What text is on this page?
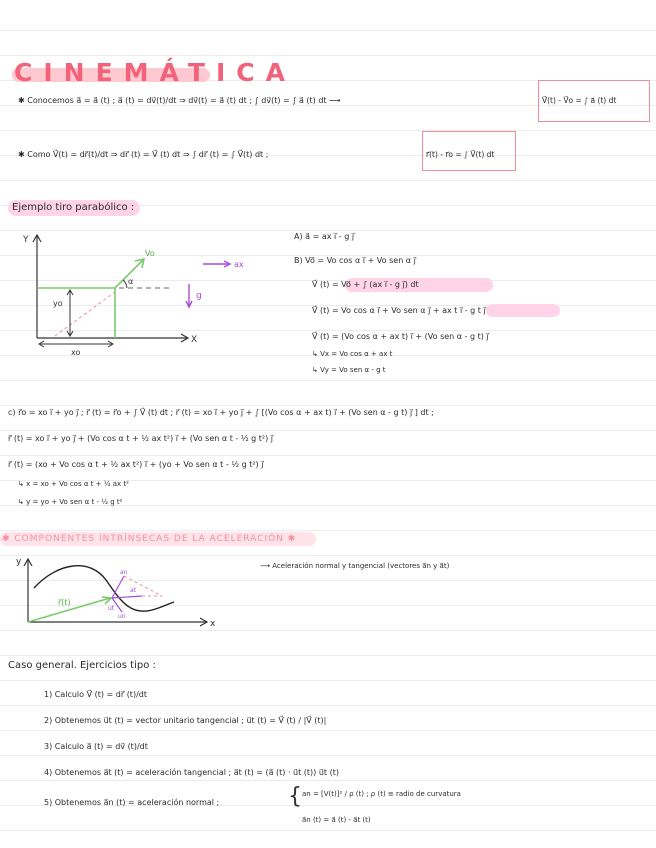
CINEMÁTICA
✱ Conocemos a⃗ = a⃗ (t) ; a⃗ (t) = dv⃗(t)/dt ⇒ dv⃗(t) = a⃗ (t) dt ; ∫ dv⃗(t) = ∫ a⃗ (t) dt ⟶	V⃗(t) - V⃗o = ∫ a⃗ (t) dt
✱ Como V⃗(t) = dr⃗(t)/dt ⇒ dr⃗ (t) = V⃗ (t) dt ⇒ ∫ dr⃗ (t) = ∫ V⃗(t) dt ;	r⃗(t) - r⃗o = ∫ V⃗(t) dt
Ejemplo tiro parabólico :
Y
X
Vo
α
yo
xo
ax
g
A) a⃗ = ax i⃗ - g j⃗
B) Vo⃗ = Vo cos α i⃗ + Vo sen α j⃗
V⃗ (t) = Vo⃗ + ∫ (ax i⃗ - g j⃗) dt
V⃗ (t) = Vo cos α i⃗ + Vo sen α j⃗ + ax t i⃗ - g t j⃗
V⃗ (t) = (Vo cos α + ax t) i⃗ + (Vo sen α - g t) j⃗
↳ Vx = Vo cos α + ax t
↳ Vy = Vo sen α - g t
c) r⃗o = xo i⃗ + yo j⃗ ; r⃗ (t) = r⃗o + ∫ V⃗ (t) dt ; r⃗ (t) = xo i⃗ + yo j⃗ + ∫ [(Vo cos α + ax t) i⃗ + (Vo sen α - g t) j⃗ ] dt ;
r⃗ (t) = xo i⃗ + yo j⃗ + (Vo cos α t + ½ ax t²) i⃗ + (Vo sen α t - ½ g t²) j⃗
r⃗ (t) = (xo + Vo cos α t + ½ ax t²) i⃗ + (yo + Vo sen α t - ½ g t²) j⃗
↳ x = xo + Vo cos α t + ½ ax t²
↳ y = yo + Vo sen α t - ½ g t²
✱ COMPONENTES INTRÍNSECAS DE LA ACELERACIÓN ✱
y
x
r⃗(t)
an
at
ut
un
⟶ Aceleración normal y tangencial (vectores a⃗n y a⃗t)
Caso general. Ejercicios tipo :
1) Calculo V⃗ (t) = dr⃗ (t)/dt
2) Obtenemos u⃗t (t) = vector unitario tangencial ; u⃗t (t) = V⃗ (t) / |V⃗ (t)|
3) Calculo a⃗ (t) = dv⃗ (t)/dt
4) Obtenemos a⃗t (t) = aceleración tangencial ; a⃗t (t) = (a⃗ (t) · u⃗t (t)) u⃗t (t)
5) Obtenemos a⃗n (t) = aceleración normal ;	{ an = [V(t)]² / ρ (t) ; ρ (t) ≡ radio de curvatura
a⃗n (t) = a⃗ (t) - a⃗t (t)
